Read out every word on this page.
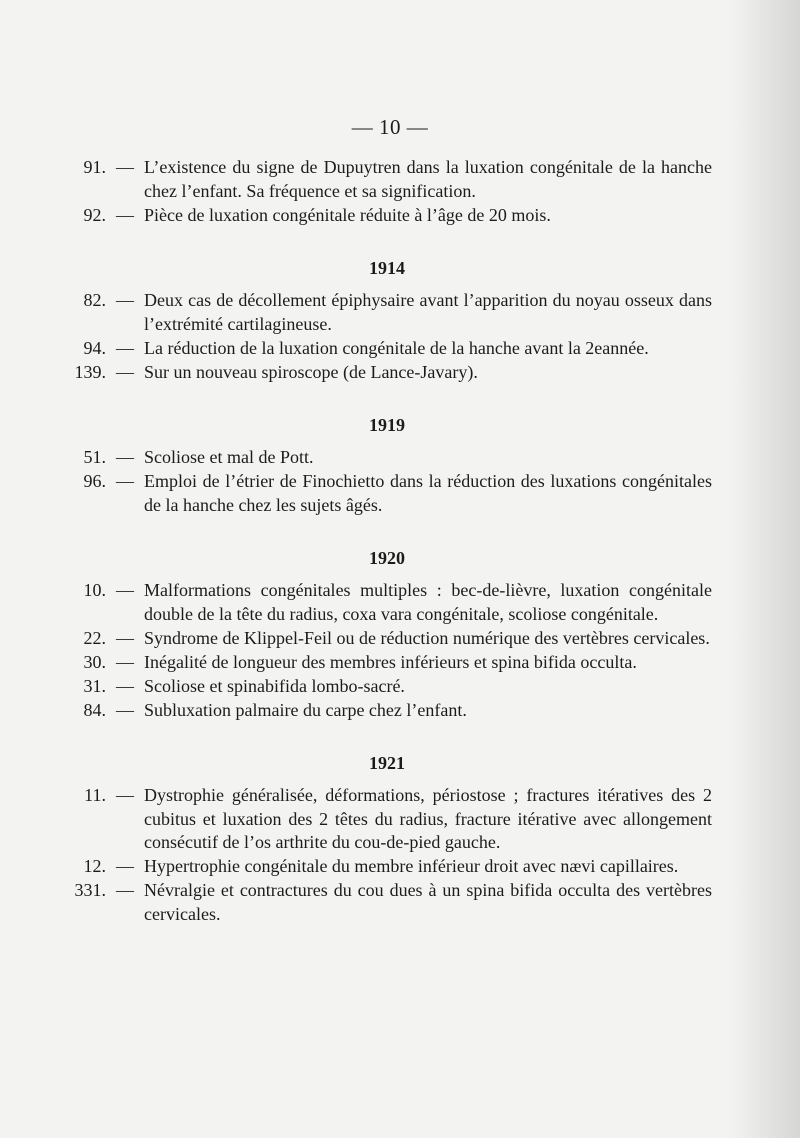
— 10 —
91. — L’existence du signe de Dupuytren dans la luxation congénitale de la hanche chez l’enfant. Sa fréquence et sa signification.
92. — Pièce de luxation congénitale réduite à l’âge de 20 mois.
1914
82. — Deux cas de décollement épiphysaire avant l’apparition du noyau osseux dans l’extrémité cartilagineuse.
94. — La réduction de la luxation congénitale de la hanche avant la 2eannée.
139. — Sur un nouveau spiroscope (de Lance-Javary).
1919
51. — Scoliose et mal de Pott.
96. — Emploi de l’étrier de Finochietto dans la réduction des luxations congénitales de la hanche chez les sujets âgés.
1920
10. — Malformations congénitales multiples : bec-de-lièvre, luxation congénitale double de la tête du radius, coxa vara congénitale, scoliose congénitale.
22. — Syndrome de Klippel-Feil ou de réduction numérique des vertèbres cervicales.
30. — Inégalité de longueur des membres inférieurs et spina bifida occulta.
31. — Scoliose et spinabifida lombo-sacré.
84. — Subluxation palmaire du carpe chez l’enfant.
1921
11. — Dystrophie généralisée, déformations, périostose ; fractures itératives des 2 cubitus et luxation des 2 têtes du radius, fracture itérative avec allongement consécutif de l’os arthrite du cou-de-pied gauche.
12. — Hypertrophie congénitale du membre inférieur droit avec nævi capillaires.
331. — Névralgie et contractures du cou dues à un spina bifida occulta des vertèbres cervicales.
